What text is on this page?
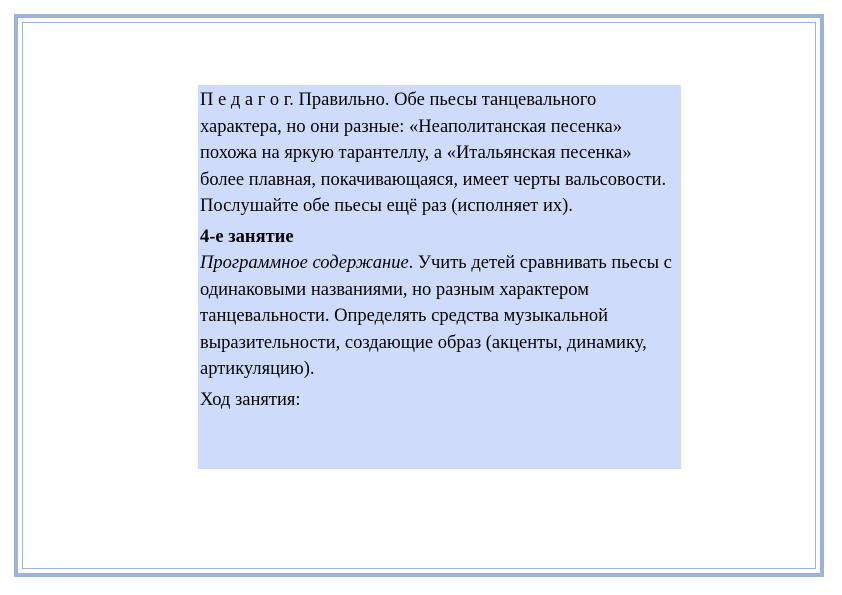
П е д а г о г. Правильно. Обе пьесы танцевального характера, но они разные: «Неаполитанская песенка» похожа на яркую тарантеллу, а «Итальянская песенка» более плавная, покачивающаяся, имеет черты вальсовости. Послушайте обе пьесы ещё раз (исполняет их).

4-е занятие

Программное содержание. Учить детей сравнивать пьесы с одинаковыми названиями, но разным характером танцевальности. Определять средства музыкальной выразительности, создающие образ (акценты, динамику, артикуляцию).

Ход занятия:
